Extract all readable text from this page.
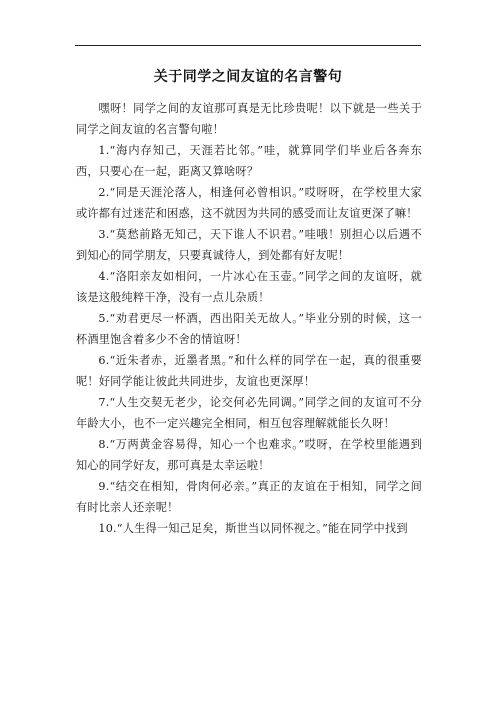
关于同学之间友谊的名言警句

嘿呀！同学之间的友谊那可真是无比珍贵呢！以下就是一些关于同学之间友谊的名言警句啦！

1.“海内存知己，天涯若比邻。”哇，就算同学们毕业后各奔东西，只要心在一起，距离又算啥呀？

2.“同是天涯沦落人，相逢何必曾相识。”哎呀呀，在学校里大家或许都有过迷茫和困惑，这不就因为共同的感受而让友谊更深了嘛！

3.“莫愁前路无知己，天下谁人不识君。”哇哦！别担心以后遇不到知心的同学朋友，只要真诚待人，到处都有好友呢！

4.“洛阳亲友如相问，一片冰心在玉壶。”同学之间的友谊呀，就该是这般纯粹干净，没有一点儿杂质！

5.“劝君更尽一杯酒，西出阳关无故人。”毕业分别的时候，这一杯酒里饱含着多少不舍的情谊呀！

6.“近朱者赤，近墨者黑。”和什么样的同学在一起，真的很重要呢！好同学能让彼此共同进步，友谊也更深厚！

7.“人生交契无老少，论交何必先同调。”同学之间的友谊可不分年龄大小，也不一定兴趣完全相同，相互包容理解就能长久呀！

8.“万两黄金容易得，知心一个也难求。”哎呀，在学校里能遇到知心的同学好友，那可真是太幸运啦！

9.“结交在相知，骨肉何必亲。”真正的友谊在于相知，同学之间有时比亲人还亲呢！

10.“人生得一知己足矣，斯世当以同怀视之。”能在同学中找到
